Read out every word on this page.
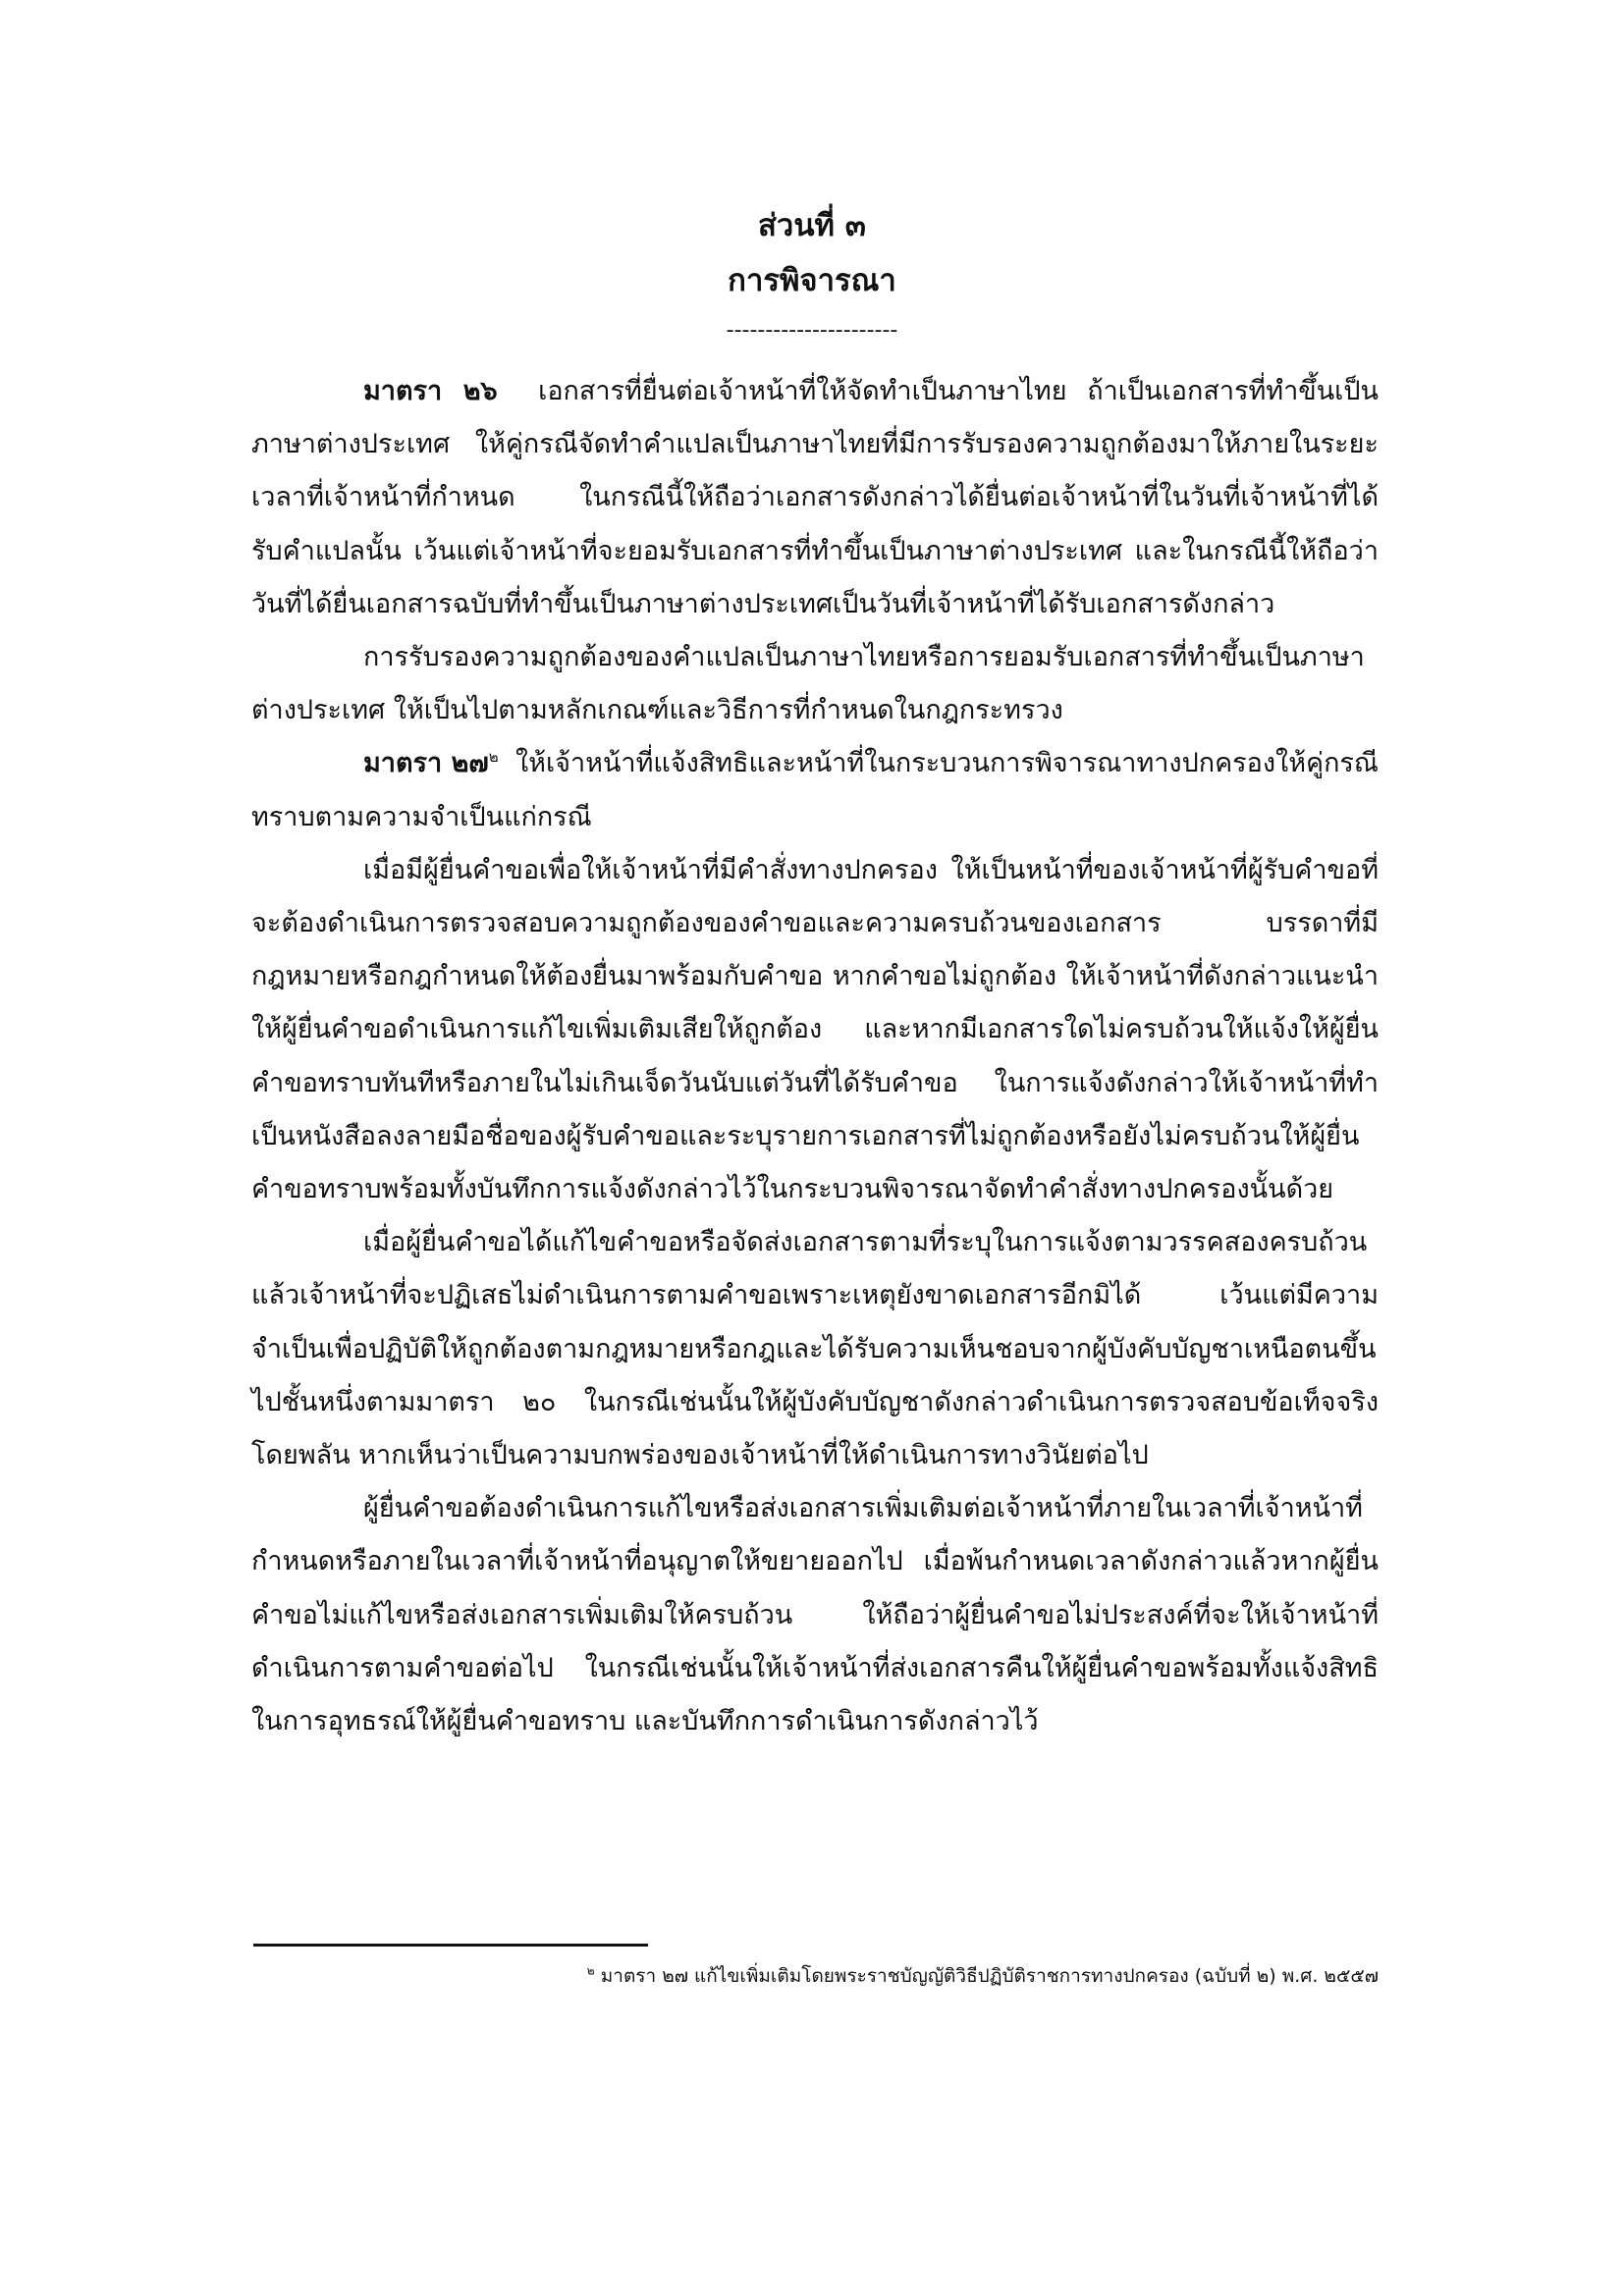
ส่วนที่ ๓
การพิจารณา
----------------------

มาตรา ๒๖ เอกสารที่ยื่นต่อเจ้าหน้าที่ให้จัดทำเป็นภาษาไทย ถ้าเป็นเอกสารที่ทำขึ้นเป็นภาษาต่างประเทศ ให้คู่กรณีจัดทำคำแปลเป็นภาษาไทยที่มีการรับรองความถูกต้องมาให้ภายในระยะเวลาที่เจ้าหน้าที่กำหนด ในกรณีนี้ให้ถือว่าเอกสารดังกล่าวได้ยื่นต่อเจ้าหน้าที่ในวันที่เจ้าหน้าที่ได้รับคำแปลนั้น เว้นแต่เจ้าหน้าที่จะยอมรับเอกสารที่ทำขึ้นเป็นภาษาต่างประเทศ และในกรณีนี้ให้ถือว่าวันที่ได้ยื่นเอกสารฉบับที่ทำขึ้นเป็นภาษาต่างประเทศเป็นวันที่เจ้าหน้าที่ได้รับเอกสารดังกล่าว

การรับรองความถูกต้องของคำแปลเป็นภาษาไทยหรือการยอมรับเอกสารที่ทำขึ้นเป็นภาษาต่างประเทศ ให้เป็นไปตามหลักเกณฑ์และวิธีการที่กำหนดในกฎกระทรวง

มาตรา ๒๗$^๒$ ให้เจ้าหน้าที่แจ้งสิทธิและหน้าที่ในกระบวนการพิจารณาทางปกครองให้คู่กรณีทราบตามความจำเป็นแก่กรณี

เมื่อมีผู้ยื่นคำขอเพื่อให้เจ้าหน้าที่มีคำสั่งทางปกครอง ให้เป็นหน้าที่ของเจ้าหน้าที่ผู้รับคำขอที่จะต้องดำเนินการตรวจสอบความถูกต้องของคำขอและความครบถ้วนของเอกสาร บรรดาที่มีกฎหมายหรือกฎกำหนดให้ต้องยื่นมาพร้อมกับคำขอ หากคำขอไม่ถูกต้อง ให้เจ้าหน้าที่ดังกล่าวแนะนำให้ผู้ยื่นคำขอดำเนินการแก้ไขเพิ่มเติมเสียให้ถูกต้อง และหากมีเอกสารใดไม่ครบถ้วนให้แจ้งให้ผู้ยื่นคำขอทราบทันทีหรือภายในไม่เกินเจ็ดวันนับแต่วันที่ได้รับคำขอ ในการแจ้งดังกล่าวให้เจ้าหน้าที่ทำเป็นหนังสือลงลายมือชื่อของผู้รับคำขอและระบุรายการเอกสารที่ไม่ถูกต้องหรือยังไม่ครบถ้วนให้ผู้ยื่นคำขอทราบพร้อมทั้งบันทึกการแจ้งดังกล่าวไว้ในกระบวนพิจารณาจัดทำคำสั่งทางปกครองนั้นด้วย

เมื่อผู้ยื่นคำขอได้แก้ไขคำขอหรือจัดส่งเอกสารตามที่ระบุในการแจ้งตามวรรคสองครบถ้วนแล้วเจ้าหน้าที่จะปฏิเสธไม่ดำเนินการตามคำขอเพราะเหตุยังขาดเอกสารอีกมิได้ เว้นแต่มีความจำเป็นเพื่อปฏิบัติให้ถูกต้องตามกฎหมายหรือกฎและได้รับความเห็นชอบจากผู้บังคับบัญชาเหนือตนขึ้นไปชั้นหนึ่งตามมาตรา ๒๐ ในกรณีเช่นนั้นให้ผู้บังคับบัญชาดังกล่าวดำเนินการตรวจสอบข้อเท็จจริงโดยพลัน หากเห็นว่าเป็นความบกพร่องของเจ้าหน้าที่ให้ดำเนินการทางวินัยต่อไป

ผู้ยื่นคำขอต้องดำเนินการแก้ไขหรือส่งเอกสารเพิ่มเติมต่อเจ้าหน้าที่ภายในเวลาที่เจ้าหน้าที่กำหนดหรือภายในเวลาที่เจ้าหน้าที่อนุญาตให้ขยายออกไป เมื่อพ้นกำหนดเวลาดังกล่าวแล้วหากผู้ยื่นคำขอไม่แก้ไขหรือส่งเอกสารเพิ่มเติมให้ครบถ้วน ให้ถือว่าผู้ยื่นคำขอไม่ประสงค์ที่จะให้เจ้าหน้าที่ดำเนินการตามคำขอต่อไป ในกรณีเช่นนั้นให้เจ้าหน้าที่ส่งเอกสารคืนให้ผู้ยื่นคำขอพร้อมทั้งแจ้งสิทธิในการอุทธรณ์ให้ผู้ยื่นคำขอทราบ และบันทึกการดำเนินการดังกล่าวไว้

$^๒$ มาตรา ๒๗ แก้ไขเพิ่มเติมโดยพระราชบัญญัติวิธีปฏิบัติราชการทางปกครอง (ฉบับที่ ๒) พ.ศ. ๒๕๕๗
